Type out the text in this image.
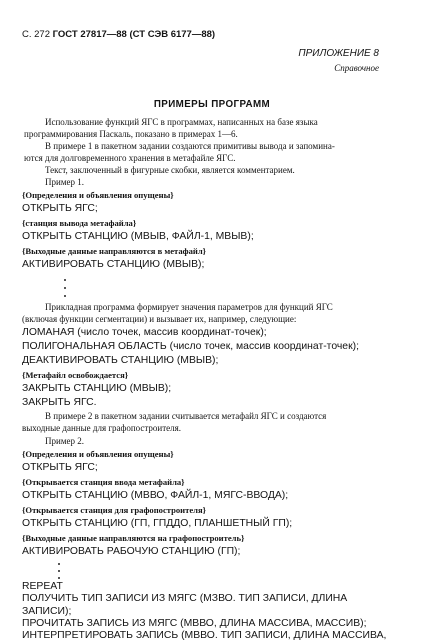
С. 272 ГОСТ 27817—88 (СТ СЭВ 6177—88)
ПРИЛОЖЕНИЕ 8
Справочное
ПРИМЕРЫ ПРОГРАММ
Использование функций ЯГС в программах, написанных на базе языка
программирования Паскаль, показано в примерах 1—6.
В примере 1 в пакетном задании создаются примитивы вывода и запомина-
ются для долговременного хранения в метафайле ЯГС.
Текст, заключенный в фигурные скобки, является комментарием.
Пример 1.
{Определения и объявления опущены}
ОТКРЫТЬ ЯГС;
{станция вывода метафайла}
ОТКРЫТЬ СТАНЦИЮ (МВЫВ, ФАЙЛ-1, МВЫВ);
{Выходные данные направляются в метафайл}
АКТИВИРОВАТЬ СТАНЦИЮ (МВЫВ);
Прикладная программа формирует значения параметров для функций ЯГС
(включая функции сегментации) и вызывает их, например, следующие:
ЛОМАНАЯ (число точек, массив координат-точек);
ПОЛИГОНАЛЬНАЯ ОБЛАСТЬ (число точек, массив координат-точек);
ДЕАКТИВИРОВАТЬ СТАНЦИЮ (МВЫВ);
{Метафайл освобождается}
ЗАКРЫТЬ СТАНЦИЮ (МВЫВ);
ЗАКРЫТЬ ЯГС.
В примере 2 в пакетном задании считывается метафайл ЯГС и создаются
выходные данные для графопостроителя.
Пример 2.
{Определения и объявления опущены}
ОТКРЫТЬ ЯГС;
{Открывается станция ввода метафайла}
ОТКРЫТЬ СТАНЦИЮ (МВВО, ФАЙЛ-1, МЯГС-ВВОДА);
{Открывается станция для графопостроителя}
ОТКРЫТЬ СТАНЦИЮ (ГП, ГПДДО, ПЛАНШЕТНЫЙ ГП);
{Выходные данные направляются на графопостроитель}
АКТИВИРОВАТЬ РАБОЧУЮ СТАНЦИЮ (ГП);
REPEAT
ПОЛУЧИТЬ ТИП ЗАПИСИ ИЗ МЯГС (МЗВО. ТИП ЗАПИСИ, ДЛИНА
ЗАПИСИ);
ПРОЧИТАТЬ ЗАПИСЬ ИЗ МЯГС (МВВО, ДЛИНА МАССИВА, МАССИВ);
ИНТЕРПРЕТИРОВАТЬ ЗАПИСЬ (МВВО. ТИП ЗАПИСИ, ДЛИНА МАССИВА,
